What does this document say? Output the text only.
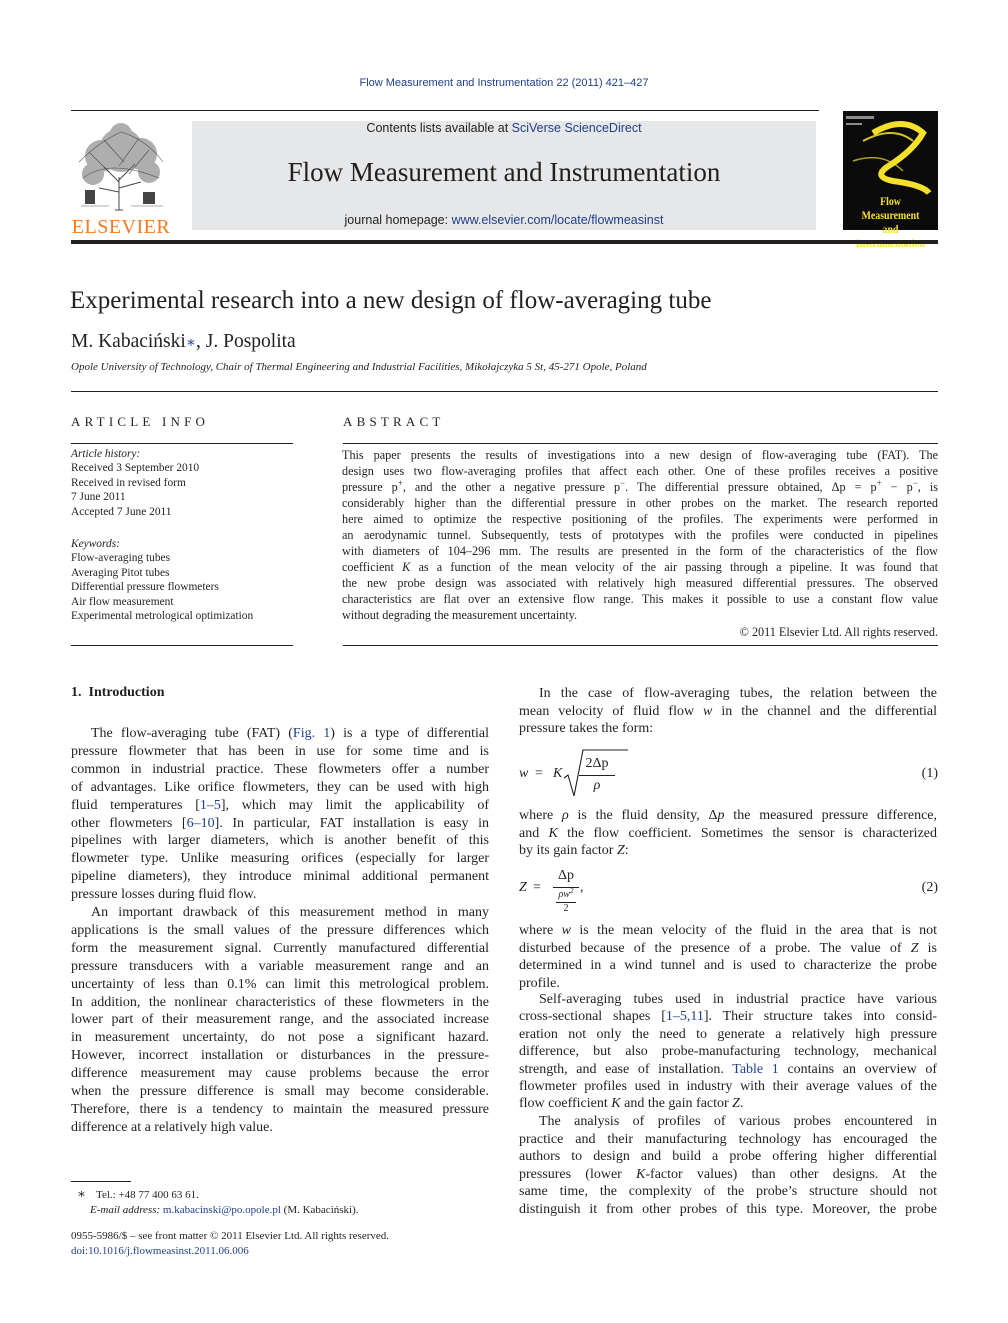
Flow Measurement and Instrumentation 22 (2011) 421–427
ELSEVIER
Contents lists available at SciVerse ScienceDirect
Flow Measurement and Instrumentation
journal homepage: www.elsevier.com/locate/flowmeasinst
Flow Measurement
and
Experimental research into a new design of flow-averaging tube
M. Kabaciński∗, J. Pospolita
Opole University of Technology, Chair of Thermal Engineering and Industrial Facilities, Mikołajczyka 5 St, 45-271 Opole, Poland
ARTICLE INFO
Article history:
Received 3 September 2010
Received in revised form
7 June 2011
Accepted 7 June 2011
Keywords:
Flow-averaging tubes
Averaging Pitot tubes
Differential pressure flowmeters
Air flow measurement
Experimental metrological optimization
ABSTRACT
This paper presents the results of investigations into a new design of flow-averaging tube (FAT). The
design uses two flow-averaging profiles that affect each other. One of these profiles receives a positive
pressure p+, and the other a negative pressure p−. The differential pressure obtained, Δp = p+ − p−, is
considerably higher than the differential pressure in other probes on the market. The research reported
here aimed to optimize the respective positioning of the profiles. The experiments were performed in
an aerodynamic tunnel. Subsequently, tests of prototypes with the profiles were conducted in pipelines
with diameters of 104–296 mm. The results are presented in the form of the characteristics of the flow
coefficient K as a function of the mean velocity of the air passing through a pipeline. It was found that
the new probe design was associated with relatively high measured differential pressures. The observed
characteristics are flat over an extensive flow range. This makes it possible to use a constant flow value
without degrading the measurement uncertainty.
© 2011 Elsevier Ltd. All rights reserved.
1.  Introduction
The flow-averaging tube (FAT) (Fig. 1) is a type of differential
pressure flowmeter that has been in use for some time and is
common in industrial practice. These flowmeters offer a number
of advantages. Like orifice flowmeters, they can be used with high
fluid temperatures [1–5], which may limit the applicability of
other flowmeters [6–10]. In particular, FAT installation is easy in
pipelines with larger diameters, which is another benefit of this
flowmeter type. Unlike measuring orifices (especially for larger
pipeline diameters), they introduce minimal additional permanent
pressure losses during fluid flow.
An important drawback of this measurement method in many
applications is the small values of the pressure differences which
form the measurement signal. Currently manufactured differential
pressure transducers with a variable measurement range and an
uncertainty of less than 0.1% can limit this metrological problem.
In addition, the nonlinear characteristics of these flowmeters in the
lower part of their measurement range, and the associated increase
in measurement uncertainty, do not pose a significant hazard.
However, incorrect installation or disturbances in the pressure-
difference measurement may cause problems because the error
when the pressure difference is small may become considerable.
Therefore, there is a tendency to maintain the measured pressure
difference at a relatively high value.
In the case of flow-averaging tubes, the relation between the
mean velocity of fluid flow w in the channel and the differential
pressure takes the form:
w = K
2Δp
ρ
(1)
where ρ is the fluid density, Δp the measured pressure difference,
and K the flow coefficient. Sometimes the sensor is characterized
by its gain factor Z:
Z =
Δp
$\rho w^2$
2
,	(2)
where w is the mean velocity of the fluid in the area that is not
disturbed because of the presence of a probe. The value of Z is
determined in a wind tunnel and is used to characterize the probe
profile.
Self-averaging tubes used in industrial practice have various
cross-sectional shapes [1–5,11]. Their structure takes into consid-
eration not only the need to generate a relatively high pressure
difference, but also probe-manufacturing technology, mechanical
strength, and ease of installation. Table 1 contains an overview of
flowmeter profiles used in industry with their average values of the
flow coefficient K and the gain factor Z.
The analysis of profiles of various probes encountered in
practice and their manufacturing technology has encouraged the
authors to design and build a probe offering higher differential
pressures (lower K-factor values) than other designs. At the
same time, the complexity of the probe’s structure should not
distinguish it from other probes of this type. Moreover, the probe
∗ Tel.: +48 77 400 63 61.
E-mail address: m.kabacinski@po.opole.pl (M. Kabaciński).
0955-5986/$ – see front matter © 2011 Elsevier Ltd. All rights reserved.
doi:10.1016/j.flowmeasinst.2011.06.006
